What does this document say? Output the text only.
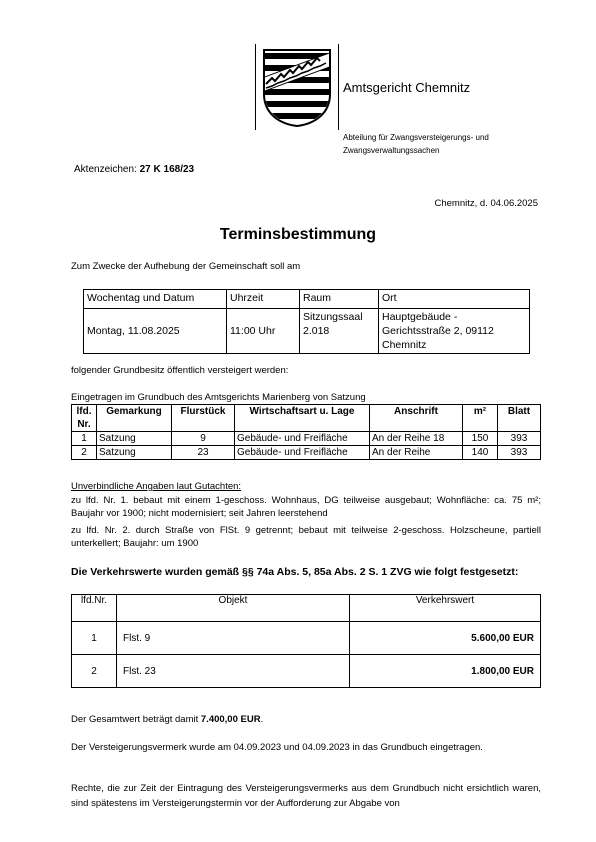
Amtsgericht Chemnitz
Abteilung für Zwangsversteigerungs- und
Zwangsverwaltungssachen
Aktenzeichen: 27 K 168/23
Chemnitz, d. 04.06.2025
Terminsbestimmung
Zum Zwecke der Aufhebung der Gemeinschaft soll am
Wochentag und Datum	Uhrzeit	Raum	Ort
Montag, 11.08.2025	11:00 Uhr	Sitzungssaal 2.018	Hauptgebäude - Gerichtsstraße 2, 09112 Chemnitz
folgender Grundbesitz öffentlich versteigert werden:
Eingetragen im Grundbuch des Amtsgerichts Marienberg von Satzung
lfd. Nr.	Gemarkung	Flurstück	Wirtschaftsart u. Lage	Anschrift	m²	Blatt
1	Satzung	9	Gebäude- und Freifläche	An der Reihe 18	150	393
2	Satzung	23	Gebäude- und Freifläche	An der Reihe	140	393
Unverbindliche Angaben laut Gutachten:
zu lfd. Nr. 1. bebaut mit einem 1-geschoss. Wohnhaus, DG teilweise ausgebaut; Wohnfläche: ca. 75 m²; Baujahr vor 1900; nicht modernisiert; seit Jahren leerstehend
zu lfd. Nr. 2. durch Straße von FlSt. 9 getrennt; bebaut mit teilweise 2-geschoss. Holzscheune, partiell unterkellert; Baujahr: um 1900
Die Verkehrswerte wurden gemäß §§ 74a Abs. 5, 85a Abs. 2 S. 1 ZVG wie folgt festgesetzt:
lfd.Nr.	Objekt	Verkehrswert
1	Flst. 9	5.600,00 EUR
2	Flst. 23	1.800,00 EUR
Der Gesamtwert beträgt damit 7.400,00 EUR.
Der Versteigerungsvermerk wurde am 04.09.2023 und 04.09.2023 in das Grundbuch eingetragen.
Rechte, die zur Zeit der Eintragung des Versteigerungsvermerks aus dem Grundbuch nicht ersichtlich waren, sind spätestens im Versteigerungstermin vor der Aufforderung zur Abgabe von
